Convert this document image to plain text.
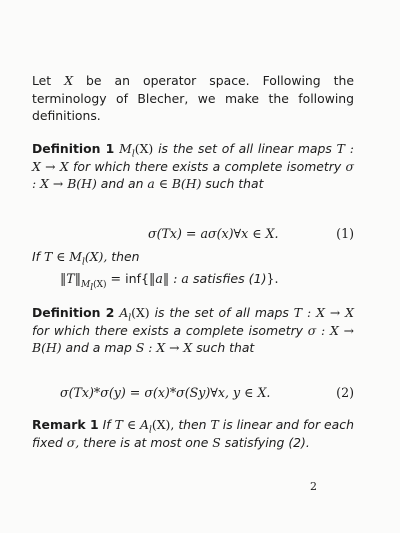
Let X be an operator space. Following the terminology of Blecher, we make the following definitions.

Definition 1 $M_l(X)$ is the set of all linear maps T : X → X for which there exists a complete isometry σ : X → B(H) and an a ∈ B(H) such that

σ(Tx) = aσ(x)∀x ∈ X.	(1)

If T ∈ $M_l(X)$, then

$‖T‖_{M_l(X)}$ = inf{‖a‖ : a satisfies (1)}.

Definition 2 $A_l(X)$ is the set of all maps T : X → X for which there exists a complete isometry σ : X → B(H) and a map S : X → X such that

σ(Tx)*σ(y) = σ(x)*σ(Sy)∀x, y ∈ X.	(2)

Remark 1 If T ∈ $A_l(X)$, then T is linear and for each fixed σ, there is at most one S satisfying (2).

2
